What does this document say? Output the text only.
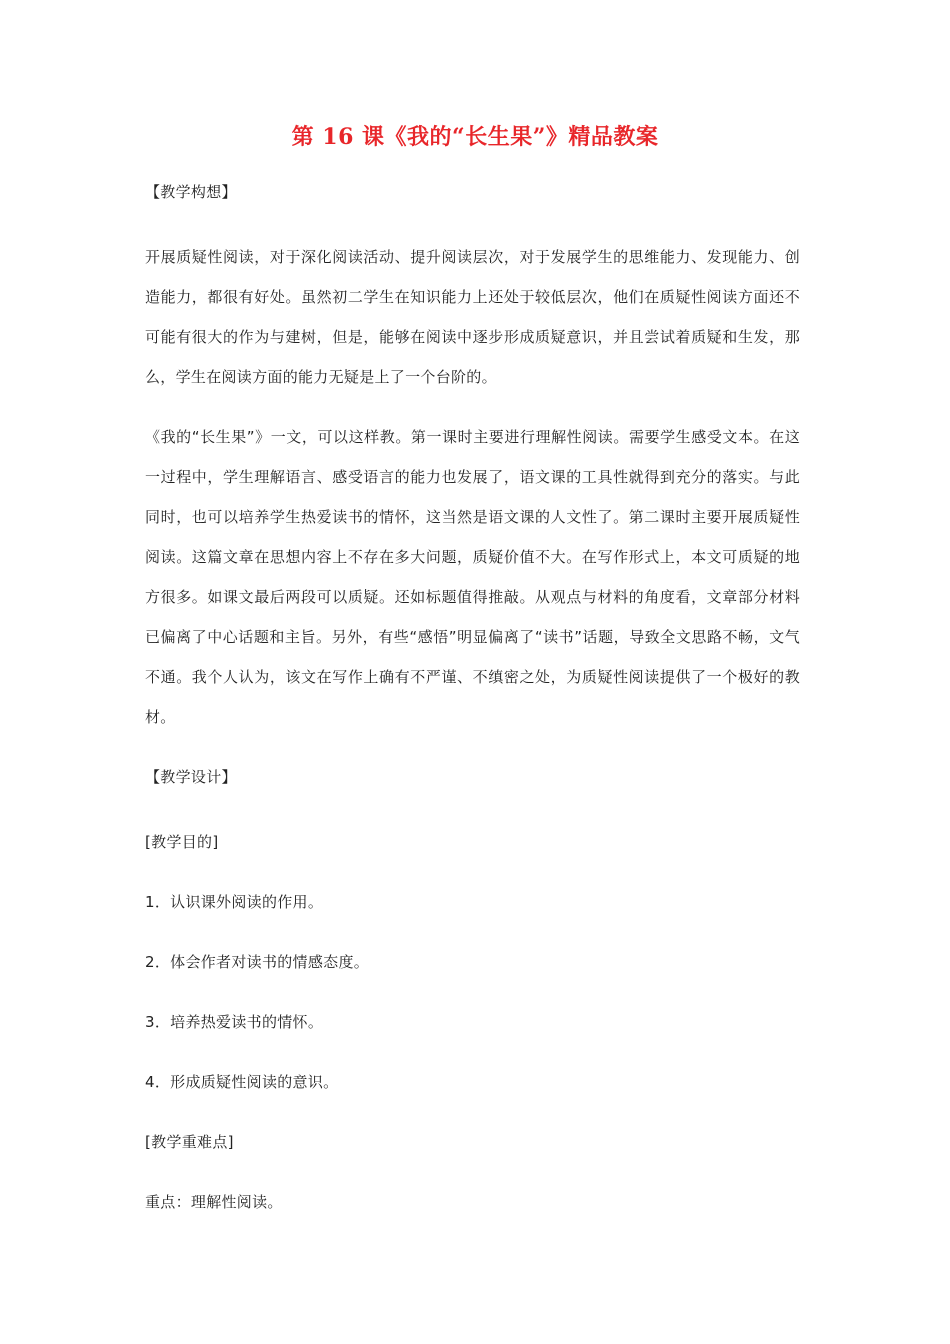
第 16 课《我的“长生果”》精品教案

【教学构想】

开展质疑性阅读，对于深化阅读活动、提升阅读层次，对于发展学生的思维能力、发现能力、创造能力，都很有好处。虽然初二学生在知识能力上还处于较低层次，他们在质疑性阅读方面还不可能有很大的作为与建树，但是，能够在阅读中逐步形成质疑意识，并且尝试着质疑和生发，那么，学生在阅读方面的能力无疑是上了一个台阶的。

《我的“长生果”》一文，可以这样教。第一课时主要进行理解性阅读。需要学生感受文本。在这一过程中，学生理解语言、感受语言的能力也发展了，语文课的工具性就得到充分的落实。与此同时，也可以培养学生热爱读书的情怀，这当然是语文课的人文性了。第二课时主要开展质疑性阅读。这篇文章在思想内容上不存在多大问题，质疑价值不大。在写作形式上，本文可质疑的地方很多。如课文最后两段可以质疑。还如标题值得推敲。从观点与材料的角度看，文章部分材料已偏离了中心话题和主旨。另外，有些“感悟”明显偏离了“读书”话题，导致全文思路不畅，文气不通。我个人认为，该文在写作上确有不严谨、不缜密之处，为质疑性阅读提供了一个极好的教材。

【教学设计】

[教学目的]

1．认识课外阅读的作用。

2．体会作者对读书的情感态度。

3．培养热爱读书的情怀。

4．形成质疑性阅读的意识。

[教学重难点]

重点：理解性阅读。
